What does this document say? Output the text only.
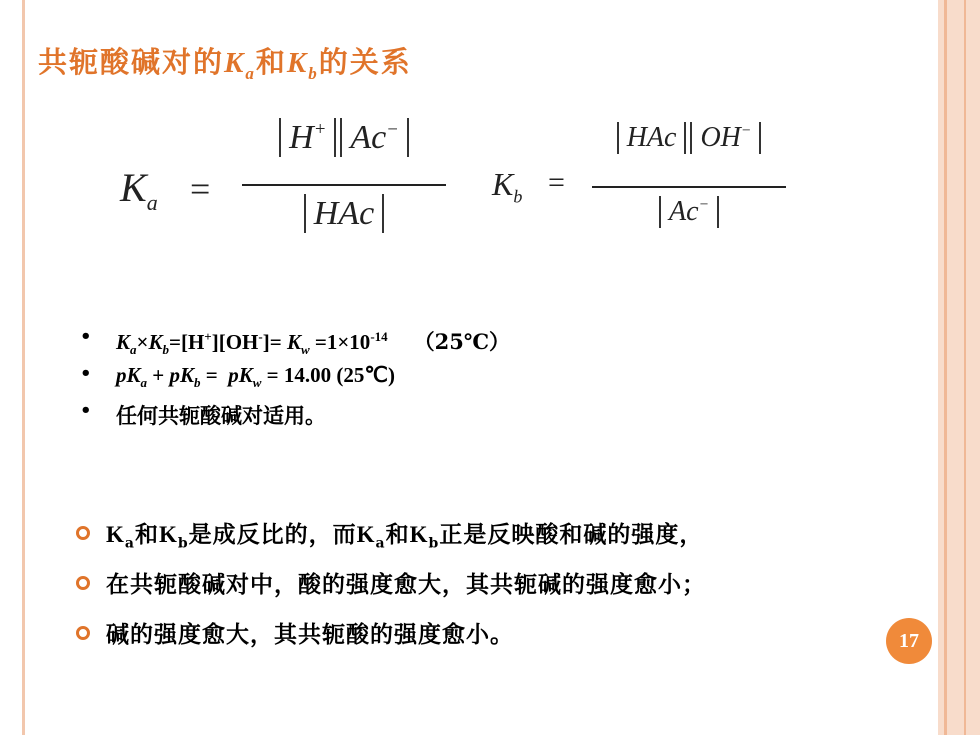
共轭酸碱对的$K_a$和$K_b$的关系
$K_a$ =
H+ Ac−
HAc
$K_b$ =
HAc OH−
Ac−
• $K_a\times K_b=[H^+][OH^-]= K_w =1\times 10^{-14}$ （25℃）
• $pK_a + pK_b = pK_w = 14.00$ (25℃)
• 任何共轭酸碱对适用。
$K_a$和$K_b$是成反比的，而$K_a$和$K_b$正是反映酸和碱的强度，
在共轭酸碱对中，酸的强度愈大，其共轭碱的强度愈小；
碱的强度愈大，其共轭酸的强度愈小。	17
